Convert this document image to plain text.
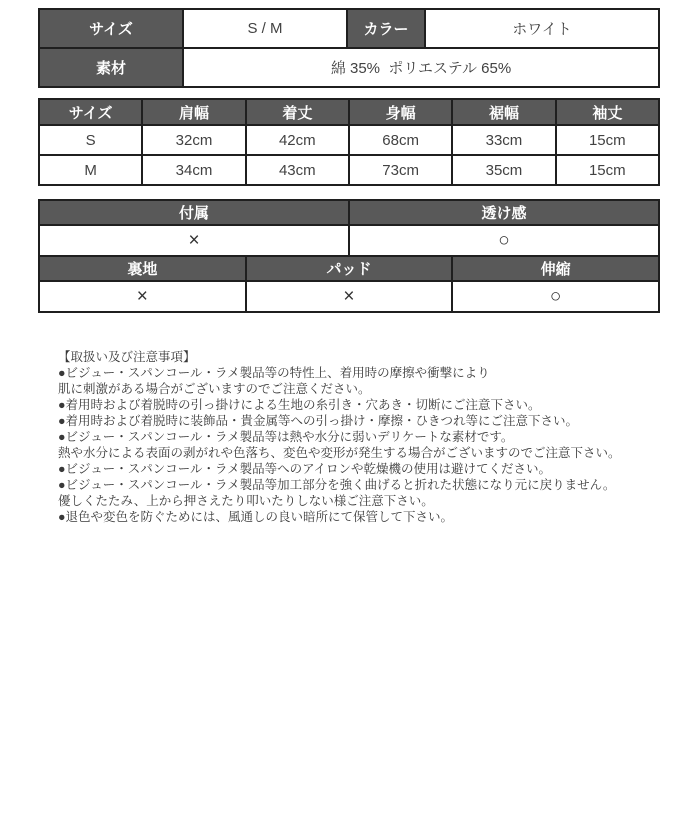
サイズ	S / M	カラー	ホワイト
素材	綿 35%  ポリエステル 65%		
サイズ	肩幅	着丈	身幅	裾幅	袖丈
S	32cm	42cm	68cm	33cm	15cm
M	34cm	43cm	73cm	35cm	15cm
付属		透け感	
×		○	
裏地	パッド		伸縮
×	×		○

【取扱い及び注意事項】

●ビジュー・スパンコール・ラメ製品等の特性上、着用時の摩擦や衝撃により

肌に刺激がある場合がございますのでご注意ください。

●着用時および着脱時の引っ掛けによる生地の糸引き・穴あき・切断にご注意下さい。

●着用時および着脱時に装飾品・貴金属等への引っ掛け・摩擦・ひきつれ等にご注意下さい。

●ビジュー・スパンコール・ラメ製品等は熱や水分に弱いデリケートな素材です。

熱や水分による表面の剥がれや色落ち、変色や変形が発生する場合がございますのでご注意下さい。

●ビジュー・スパンコール・ラメ製品等へのアイロンや乾燥機の使用は避けてください。

●ビジュー・スパンコール・ラメ製品等加工部分を強く曲げると折れた状態になり元に戻りません。

優しくたたみ、上から押さえたり叩いたりしない様ご注意下さい。

●退色や変色を防ぐためには、風通しの良い暗所にて保管して下さい。
